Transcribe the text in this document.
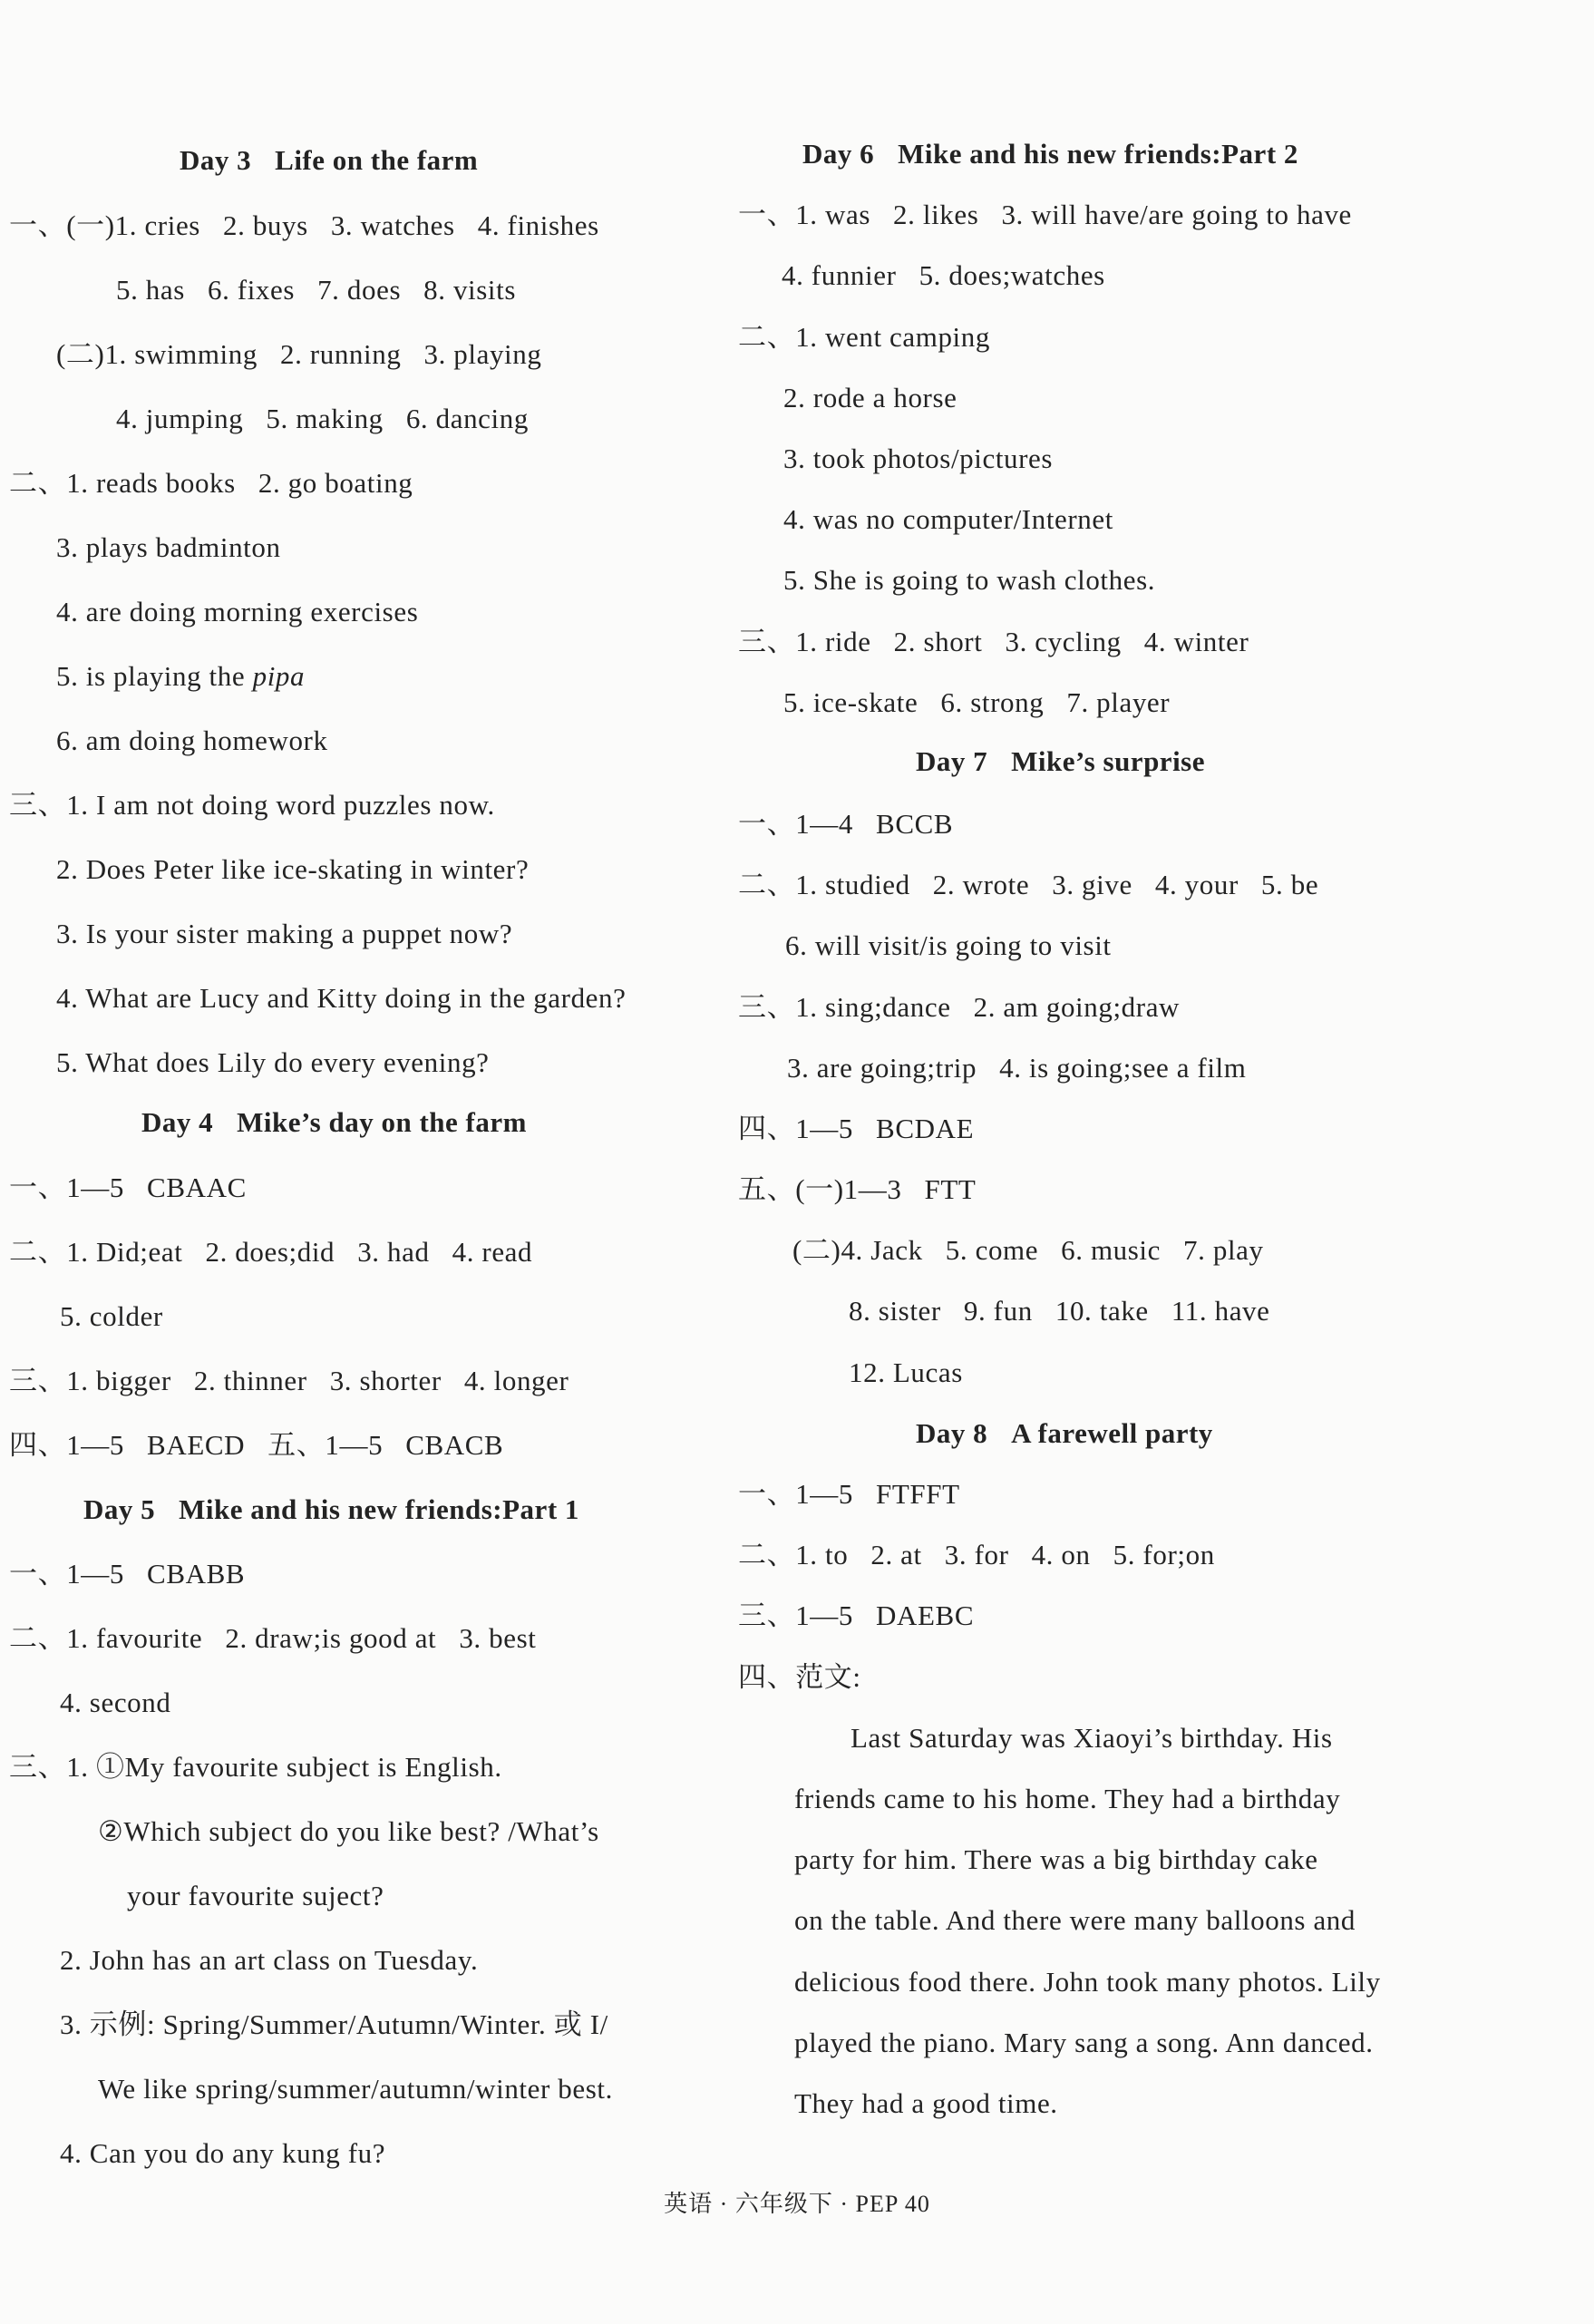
Day 3 Life on the farm
一、(一)1. cries   2. buys   3. watches   4. finishes
5. has   6. fixes   7. does   8. visits
(二)1. swimming   2. running   3. playing
4. jumping   5. making   6. dancing
二、1. reads books   2. go boating
3. plays badminton
4. are doing morning exercises
5. is playing the pipa
6. am doing homework
三、1. I am not doing word puzzles now.
2. Does Peter like ice-skating in winter?
3. Is your sister making a puppet now?
4. What are Lucy and Kitty doing in the garden?
5. What does Lily do every evening?
Day 4 Mike’s day on the farm
一、1—5   CBAAC
二、1. Did;eat   2. does;did   3. had   4. read
5. colder
三、1. bigger   2. thinner   3. shorter   4. longer
四、1—5   BAECD   五、1—5   CBACB
Day 5 Mike and his new friends:Part 1
一、1—5   CBABB
二、1. favourite   2. draw;is good at   3. best
4. second
三、1. ①My favourite subject is English.
②Which subject do you like best? /What’s
your favourite suject?
2. John has an art class on Tuesday.
3. 示例: Spring/Summer/Autumn/Winter. 或 I/
We like spring/summer/autumn/winter best.
4. Can you do any kung fu?
Day 6 Mike and his new friends:Part 2
一、1. was   2. likes   3. will have/are going to have
4. funnier   5. does;watches
二、1. went camping
2. rode a horse
3. took photos/pictures
4. was no computer/Internet
5. She is going to wash clothes.
三、1. ride   2. short   3. cycling   4. winter
5. ice-skate   6. strong   7. player
Day 7 Mike’s surprise
一、1—4   BCCB
二、1. studied   2. wrote   3. give   4. your   5. be
6. will visit/is going to visit
三、1. sing;dance   2. am going;draw
3. are going;trip   4. is going;see a film
四、1—5   BCDAE
五、(一)1—3   FTT
(二)4. Jack   5. come   6. music   7. play
8. sister   9. fun   10. take   11. have
12. Lucas
Day 8 A farewell party
一、1—5   FTFFT
二、1. to   2. at   3. for   4. on   5. for;on
三、1—5   DAEBC
四、范文:
Last Saturday was Xiaoyi’s birthday. His
friends came to his home. They had a birthday
party for him. There was a big birthday cake
on the table. And there were many balloons and
delicious food there. John took many photos. Lily
played the piano. Mary sang a song. Ann danced.
They had a good time.
英语 · 六年级下 · PEP 40
